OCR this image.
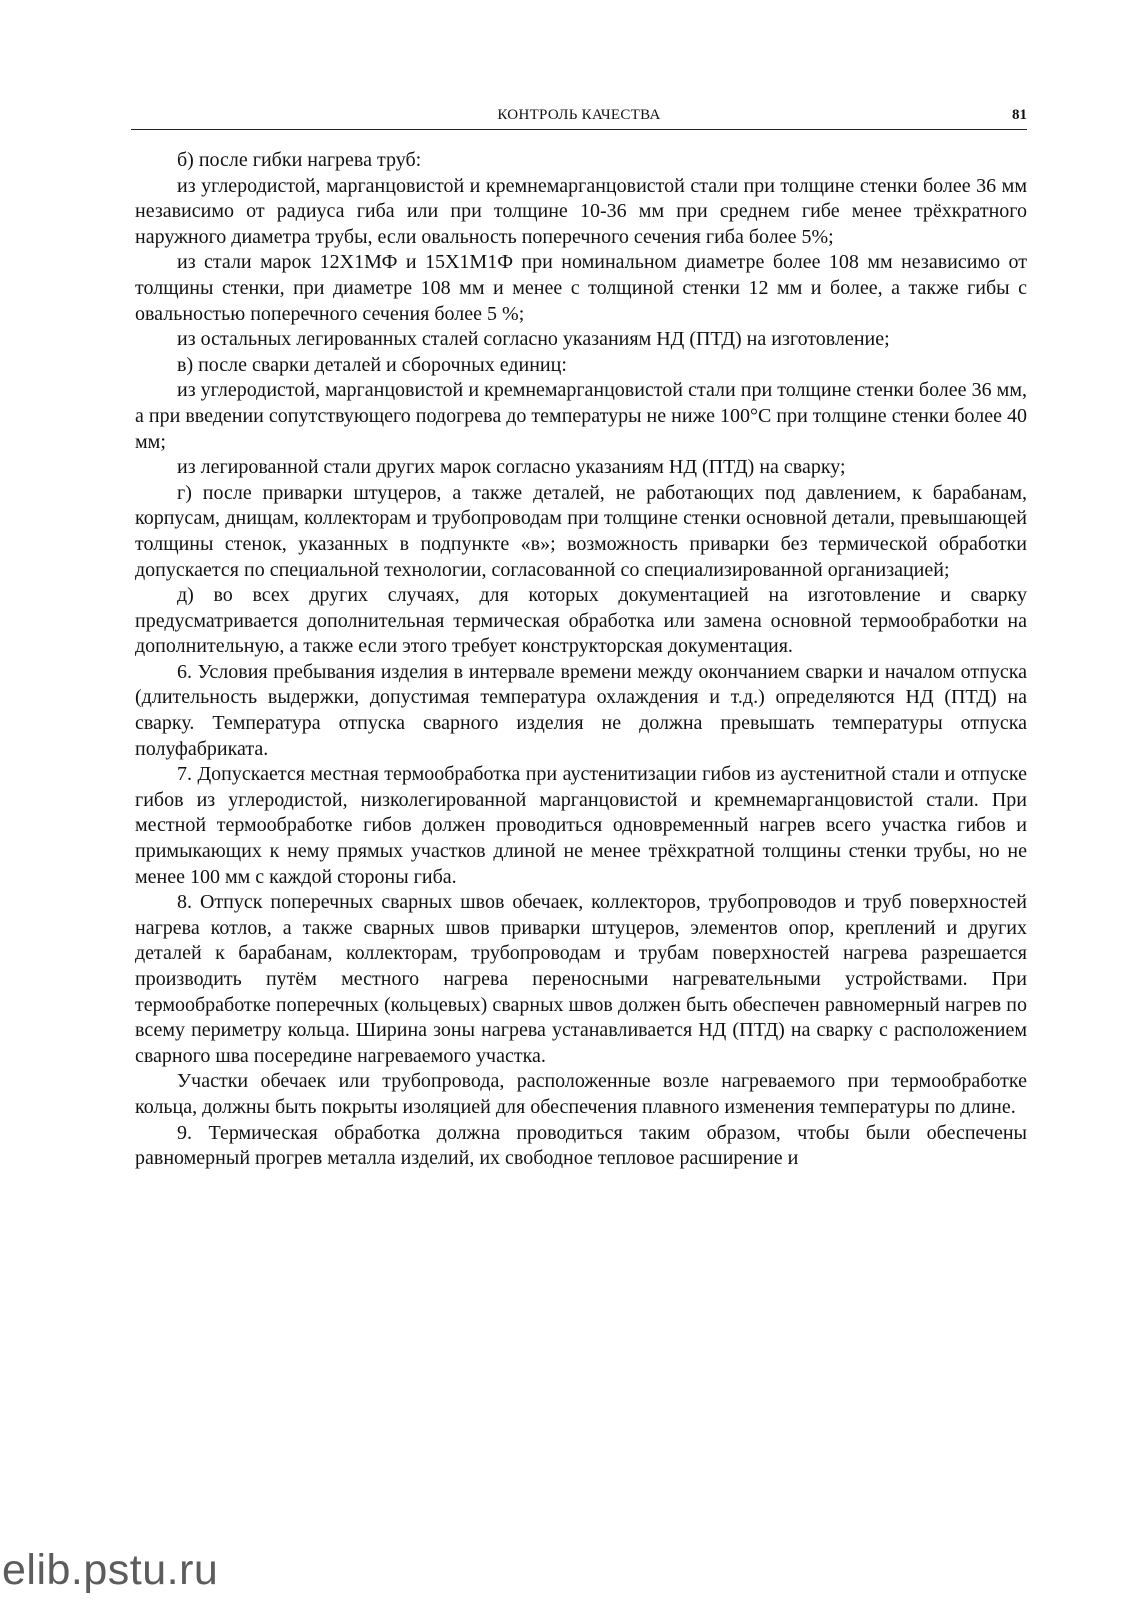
КОНТРОЛЬ КАЧЕСТВА	81

б) после гибки нагрева труб:

из углеродистой, марганцовистой и кремнемарганцовистой стали при толщине стенки более 36 мм независимо от радиуса гиба или при толщине 10-36 мм при среднем гибе менее трёхкратного наружного диаметра трубы, если овальность поперечного сечения гиба более 5%;

из стали марок 12Х1МФ и 15Х1М1Ф при номинальном диаметре более 108 мм независимо от толщины стенки, при диаметре 108 мм и менее с толщиной стенки 12 мм и более, а также гибы с овальностью поперечного сечения более 5 %;

из остальных легированных сталей согласно указаниям НД (ПТД) на изготовление;

в) после сварки деталей и сборочных единиц:

из углеродистой, марганцовистой и кремнемарганцовистой стали при толщине стенки более 36 мм, а при введении сопутствующего подогрева до температуры не ниже 100°С при толщине стенки более 40 мм;

из легированной стали других марок согласно указаниям НД (ПТД) на сварку;

г) после приварки штуцеров, а также деталей, не работающих под давлением, к барабанам, корпусам, днищам, коллекторам и трубопроводам при толщине стенки основной детали, превышающей толщины стенок, указанных в подпункте «в»; возможность приварки без термической обработки допускается по специальной технологии, согласованной со специализированной организацией;

д) во всех других случаях, для которых документацией на изготовление и сварку предусматривается дополнительная термическая обработка или замена основной термообработки на дополнительную, а также если этого требует конструкторская документация.

6. Условия пребывания изделия в интервале времени между окончанием сварки и началом отпуска (длительность выдержки, допустимая температура охлаждения и т.д.) определяются НД (ПТД) на сварку. Температура отпуска сварного изделия не должна превышать температуры отпуска полуфабриката.

7. Допускается местная термообработка при аустенитизации гибов из аустенитной стали и отпуске гибов из углеродистой, низколегированной марганцовистой и кремнемарганцовистой стали. При местной термообработке гибов должен проводиться одновременный нагрев всего участка гибов и примыкающих к нему прямых участков длиной не менее трёхкратной толщины стенки трубы, но не менее 100 мм с каждой стороны гиба.

8. Отпуск поперечных сварных швов обечаек, коллекторов, трубопроводов и труб поверхностей нагрева котлов, а также сварных швов приварки штуцеров, элементов опор, креплений и других деталей к барабанам, коллекторам, трубопроводам и трубам поверхностей нагрева разрешается производить путём местного нагрева переносными нагревательными устройствами. При термообработке поперечных (кольцевых) сварных швов должен быть обеспечен равномерный нагрев по всему периметру кольца. Ширина зоны нагрева устанавливается НД (ПТД) на сварку с расположением сварного шва посередине нагреваемого участка.

Участки обечаек или трубопровода, расположенные возле нагреваемого при термообработке кольца, должны быть покрыты изоляцией для обеспечения плавного изменения температуры по длине.

9. Термическая обработка должна проводиться таким образом, чтобы были обеспечены равномерный прогрев металла изделий, их свободное тепловое расширение и

elib.pstu.ru
